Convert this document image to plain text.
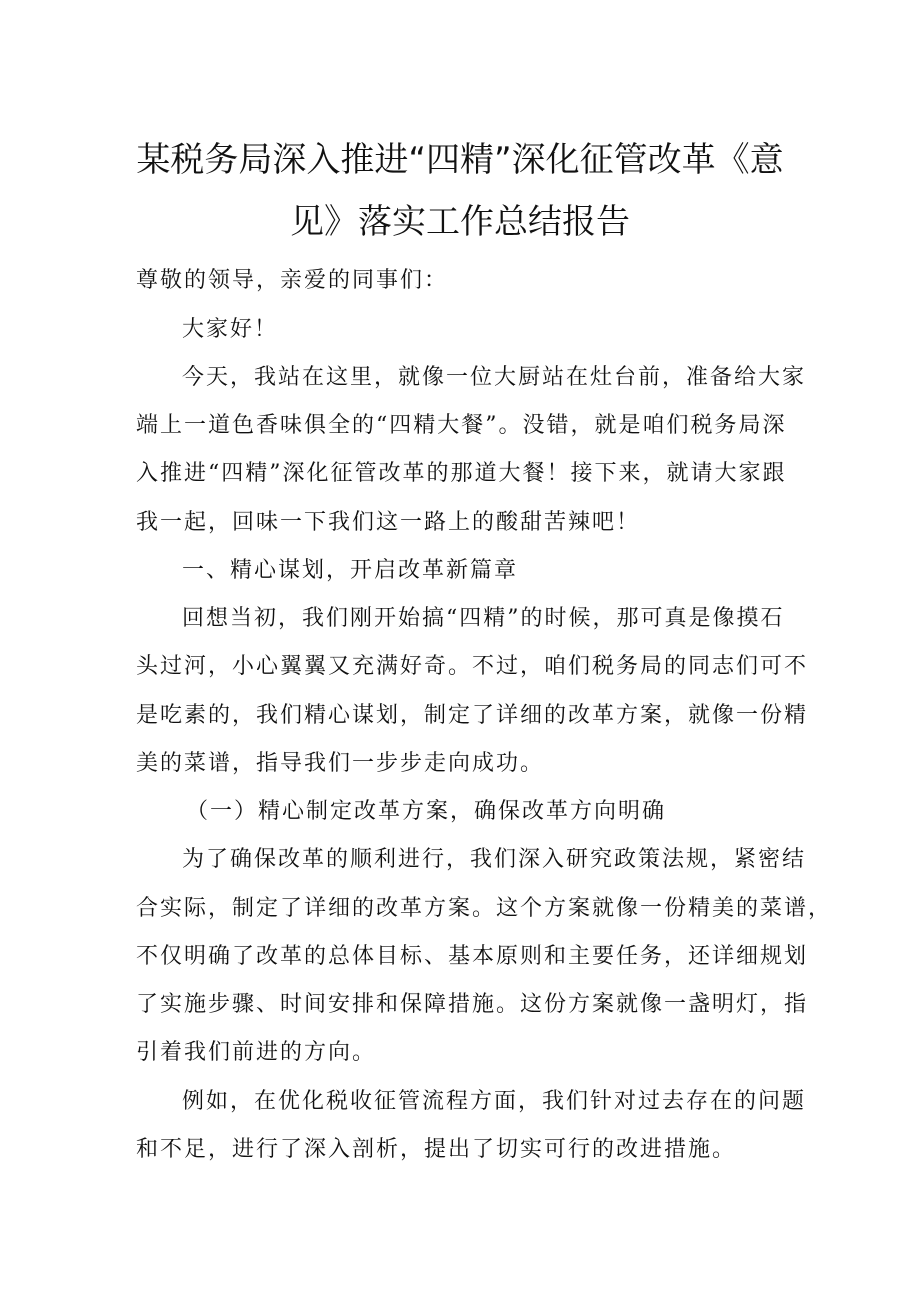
某税务局深入推进“四精”深化征管改革《意
见》落实工作总结报告
尊敬的领导，亲爱的同事们：
大家好！
今天，我站在这里，就像一位大厨站在灶台前，准备给大家
端上一道色香味俱全的“四精大餐”。没错，就是咱们税务局深
入推进“四精”深化征管改革的那道大餐！接下来，就请大家跟
我一起，回味一下我们这一路上的酸甜苦辣吧！
一、精心谋划，开启改革新篇章
回想当初，我们刚开始搞“四精”的时候，那可真是像摸石
头过河，小心翼翼又充满好奇。不过，咱们税务局的同志们可不
是吃素的，我们精心谋划，制定了详细的改革方案，就像一份精
美的菜谱，指导我们一步步走向成功。
（一）精心制定改革方案，确保改革方向明确
为了确保改革的顺利进行，我们深入研究政策法规，紧密结
合实际，制定了详细的改革方案。这个方案就像一份精美的菜谱，
不仅明确了改革的总体目标、基本原则和主要任务，还详细规划
了实施步骤、时间安排和保障措施。这份方案就像一盏明灯，指
引着我们前进的方向。
例如，在优化税收征管流程方面，我们针对过去存在的问题
和不足，进行了深入剖析，提出了切实可行的改进措施。
